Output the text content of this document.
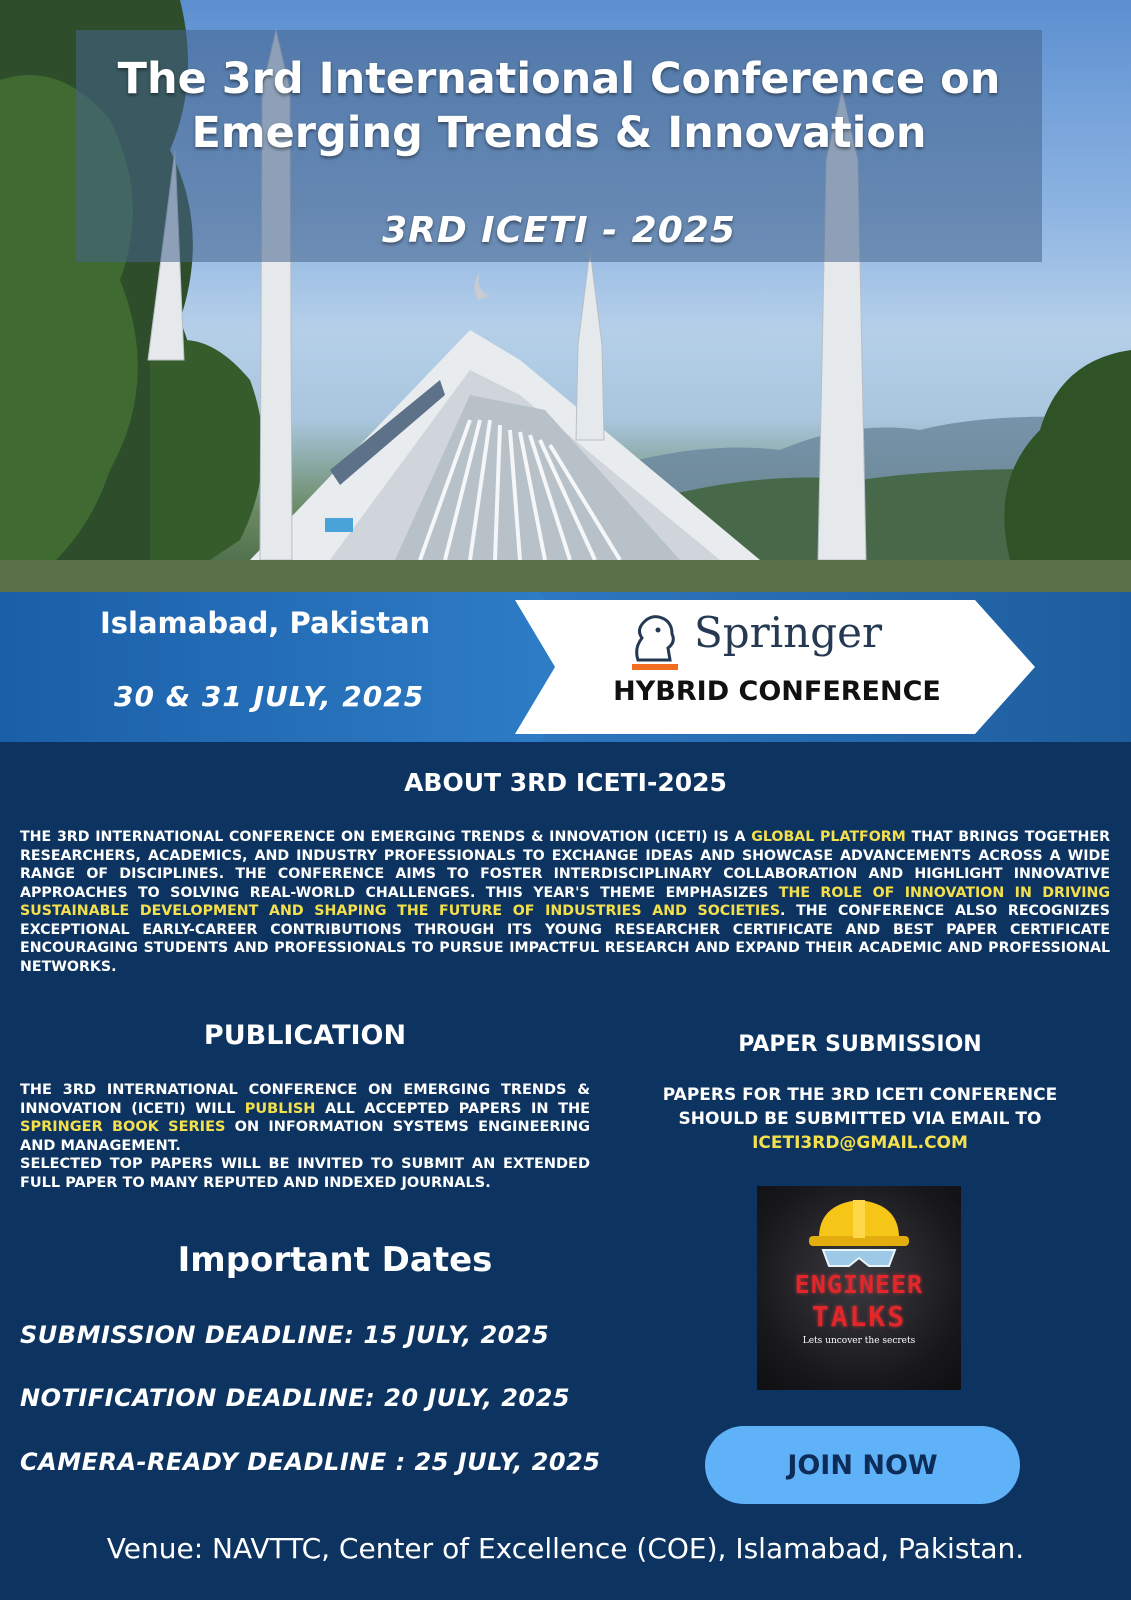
The 3rd International Conference on Emerging Trends & Innovation
3RD ICETI - 2025
Islamabad, Pakistan
30 & 31 JULY, 2025
Springer
HYBRID CONFERENCE
ABOUT 3RD ICETI-2025
THE 3RD INTERNATIONAL CONFERENCE ON EMERGING TRENDS & INNOVATION (ICETI) IS A GLOBAL PLATFORM THAT BRINGS TOGETHER RESEARCHERS, ACADEMICS, AND INDUSTRY PROFESSIONALS TO EXCHANGE IDEAS AND SHOWCASE ADVANCEMENTS ACROSS A WIDE RANGE OF DISCIPLINES. THE CONFERENCE AIMS TO FOSTER INTERDISCIPLINARY COLLABORATION AND HIGHLIGHT INNOVATIVE APPROACHES TO SOLVING REAL-WORLD CHALLENGES. THIS YEAR'S THEME EMPHASIZES THE ROLE OF INNOVATION IN DRIVING SUSTAINABLE DEVELOPMENT AND SHAPING THE FUTURE OF INDUSTRIES AND SOCIETIES. THE CONFERENCE ALSO RECOGNIZES EXCEPTIONAL EARLY-CAREER CONTRIBUTIONS THROUGH ITS YOUNG RESEARCHER CERTIFICATE AND BEST PAPER CERTIFICATE ENCOURAGING STUDENTS AND PROFESSIONALS TO PURSUE IMPACTFUL RESEARCH AND EXPAND THEIR ACADEMIC AND PROFESSIONAL NETWORKS.
PUBLICATION
THE 3RD INTERNATIONAL CONFERENCE ON EMERGING TRENDS & INNOVATION (ICETI) WILL PUBLISH ALL ACCEPTED PAPERS IN THE SPRINGER BOOK SERIES ON INFORMATION SYSTEMS ENGINEERING AND MANAGEMENT.
SELECTED TOP PAPERS WILL BE INVITED TO SUBMIT AN EXTENDED FULL PAPER TO MANY REPUTED AND INDEXED JOURNALS.
Important Dates
SUBMISSION DEADLINE: 15 JULY, 2025
NOTIFICATION DEADLINE: 20 JULY, 2025
CAMERA-READY DEADLINE : 25 JULY, 2025
PAPER SUBMISSION
PAPERS FOR THE 3RD ICETI CONFERENCE SHOULD BE SUBMITTED VIA EMAIL TO
ICETI3RD@GMAIL.COM
ENGINEER
TALKS
Lets uncover the secrets
JOIN NOW
Venue: NAVTTC, Center of Excellence (COE), Islamabad, Pakistan.
